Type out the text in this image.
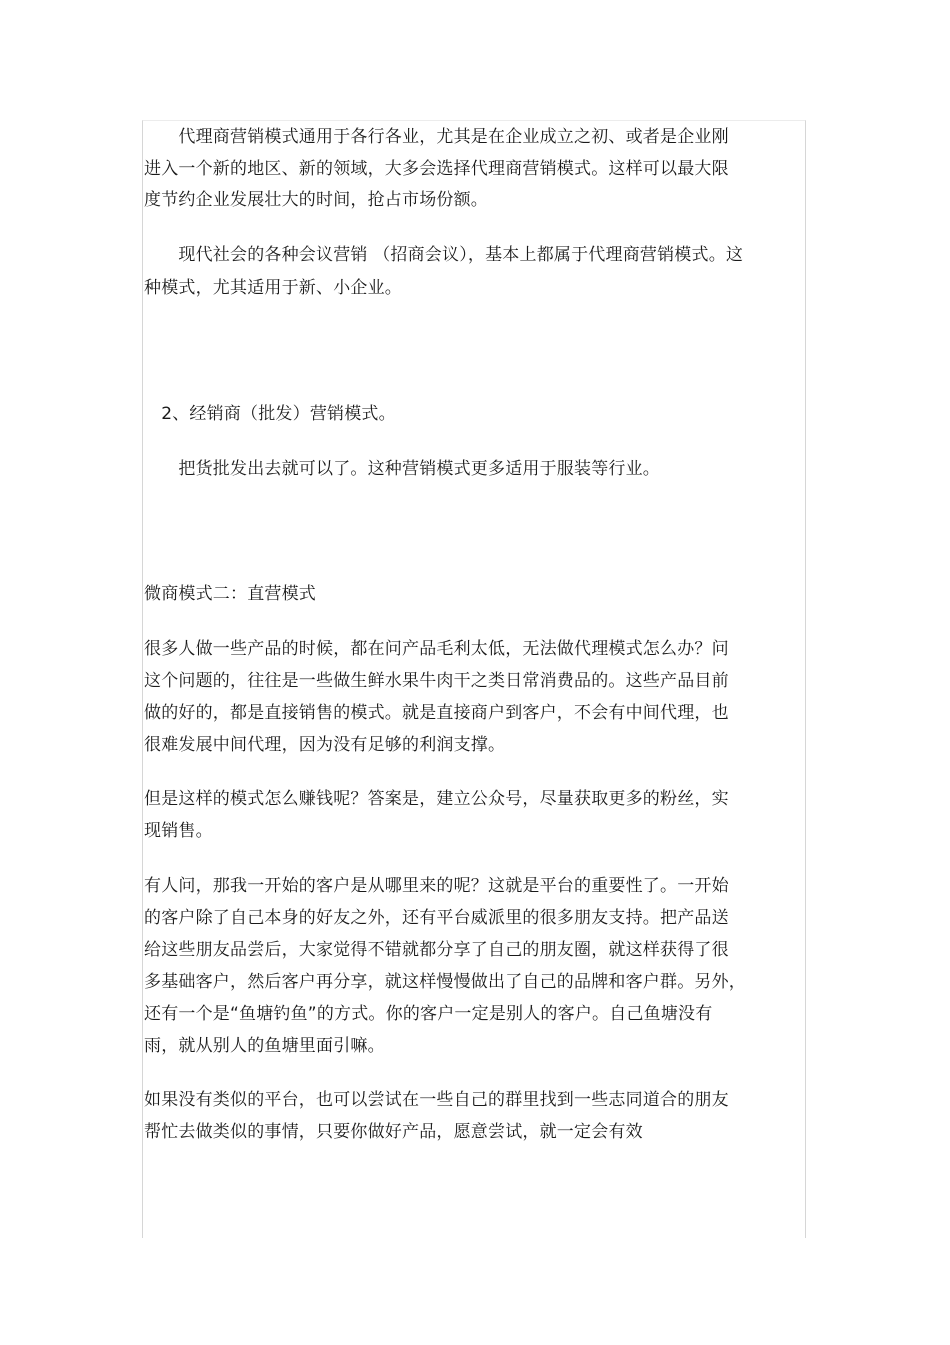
　　代理商营销模式通用于各行各业，尤其是在企业成立之初、或者是企业刚
进入一个新的地区、新的领域，大多会选择代理商营销模式。这样可以最大限
度节约企业发展壮大的时间，抢占市场份额。
　　现代社会的各种会议营销 （招商会议），基本上都属于代理商营销模式。这
种模式，尤其适用于新、小企业。
　2、经销商（批发）营销模式。
　　把货批发出去就可以了。这种营销模式更多适用于服装等行业。
微商模式二：直营模式
很多人做一些产品的时候，都在问产品毛利太低，无法做代理模式怎么办？问
这个问题的，往往是一些做生鲜水果牛肉干之类日常消费品的。这些产品目前
做的好的，都是直接销售的模式。就是直接商户到客户，不会有中间代理，也
很难发展中间代理，因为没有足够的利润支撑。
但是这样的模式怎么赚钱呢？答案是，建立公众号，尽量获取更多的粉丝，实
现销售。
有人问，那我一开始的客户是从哪里来的呢？这就是平台的重要性了。一开始
的客户除了自己本身的好友之外，还有平台威派里的很多朋友支持。把产品送
给这些朋友品尝后，大家觉得不错就都分享了自己的朋友圈，就这样获得了很
多基础客户，然后客户再分享，就这样慢慢做出了自己的品牌和客户群。另外，
还有一个是“鱼塘钓鱼”的方式。你的客户一定是别人的客户。自己鱼塘没有
雨，就从别人的鱼塘里面引嘛。
如果没有类似的平台，也可以尝试在一些自己的群里找到一些志同道合的朋友
帮忙去做类似的事情，只要你做好产品，愿意尝试，就一定会有效
